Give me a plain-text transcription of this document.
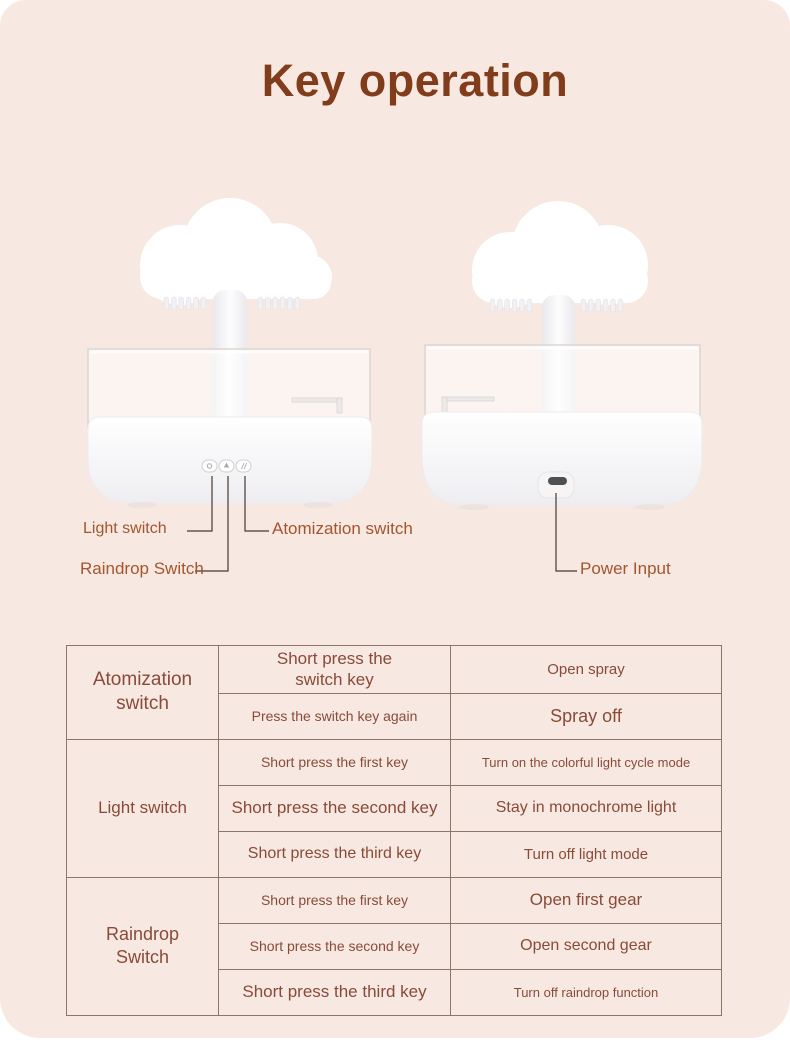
Key operation
Light switch	Atomization switch
Raindrop Switch	Power Input
Atomization switch	Short press the switch key	Open spray
	Press the switch key again	Spray off
Light switch	Short press the first key	Turn on the colorful light cycle mode
	Short press the second key	Stay in monochrome light
	Short press the third key	Turn off light mode
Raindrop Switch	Short press the first key	Open first gear
	Short press the second key	Open second gear
	Short press the third key	Turn off raindrop function
